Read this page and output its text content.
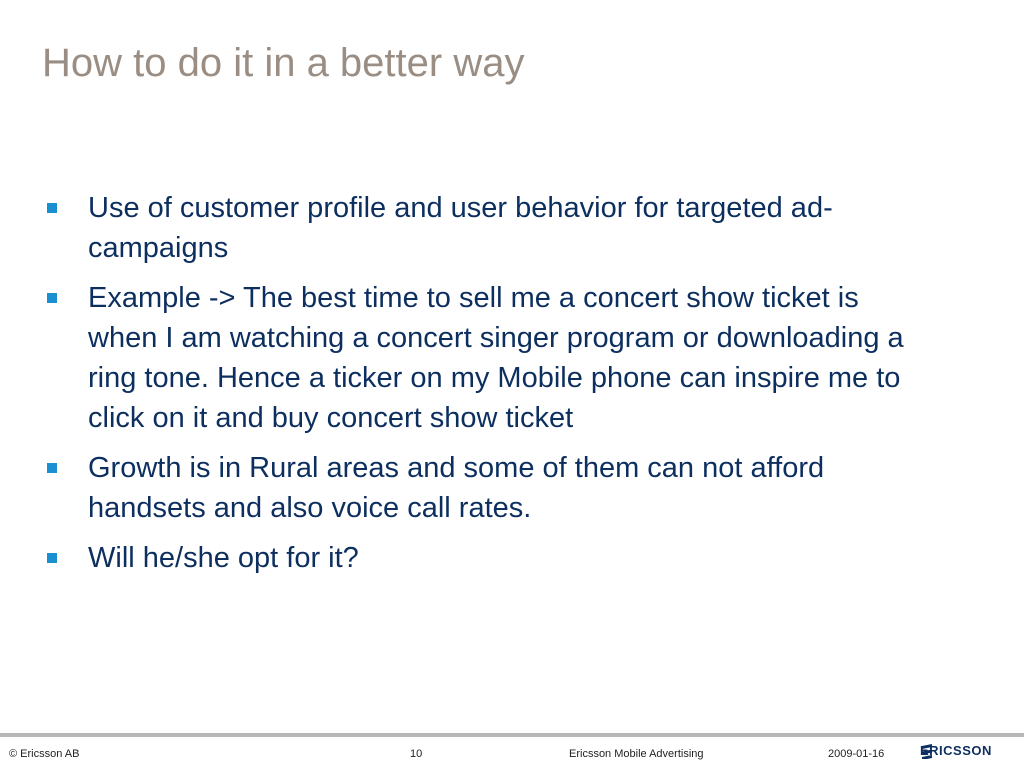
How to do it in a better way
Use of customer profile and user behavior for targeted ad-campaigns
Example -> The best time to sell me a concert show ticket is when I am watching a concert singer program or downloading a ring tone. Hence a ticker on my Mobile phone can inspire me to click on it and buy concert show ticket
Growth is in Rural areas and some of them can not afford handsets and also voice call rates.
Will he/she opt for it?
© Ericsson AB	10	Ericsson Mobile Advertising	2009-01-16	ERICSSON
